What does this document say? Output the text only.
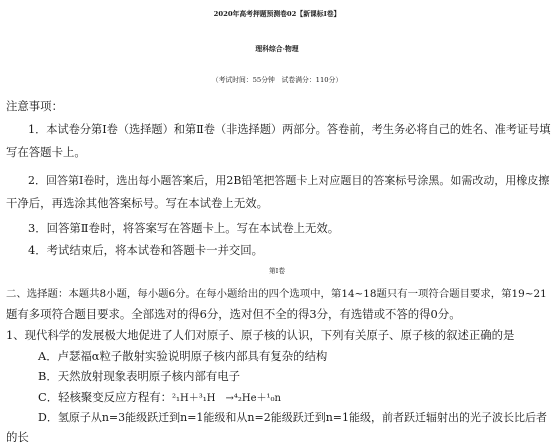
2020年高考押题预测卷02【新课标Ⅰ卷】
理科综合·物理
（考试时间：55分钟　试卷满分：110分）
注意事项：
1．本试卷分第Ⅰ卷（选择题）和第Ⅱ卷（非选择题）两部分。答卷前，考生务必将自己的姓名、准考证号填
写在答题卡上。
2．回答第Ⅰ卷时，选出每小题答案后，用2B铅笔把答题卡上对应题目的答案标号涂黑。如需改动，用橡皮擦
干净后，再选涂其他答案标号。写在本试卷上无效。
3．回答第Ⅱ卷时，将答案写在答题卡上。写在本试卷上无效。
4．考试结束后，将本试卷和答题卡一并交回。
第Ⅰ卷
二、选择题：本题共8小题，每小题6分。在每小题给出的四个选项中，第14~18题只有一项符合题目要求，第19~21
题有多项符合题目要求。全部选对的得6分，选对但不全的得3分，有选错或不答的得0分。
1、现代科学的发展极大地促进了人们对原子、原子核的认识，下列有关原子、原子核的叙述正确的是
A．卢瑟福α粒子散射实验说明原子核内部具有复杂的结构
B．天然放射现象表明原子核内部有电子
C．轻核聚变反应方程有：²₁H＋³₁H　→⁴₂He＋¹₀n
D．氢原子从n=3能级跃迁到n=1能级和从n=2能级跃迁到n=1能级，前者跃迁辐射出的光子波长比后者
的长
